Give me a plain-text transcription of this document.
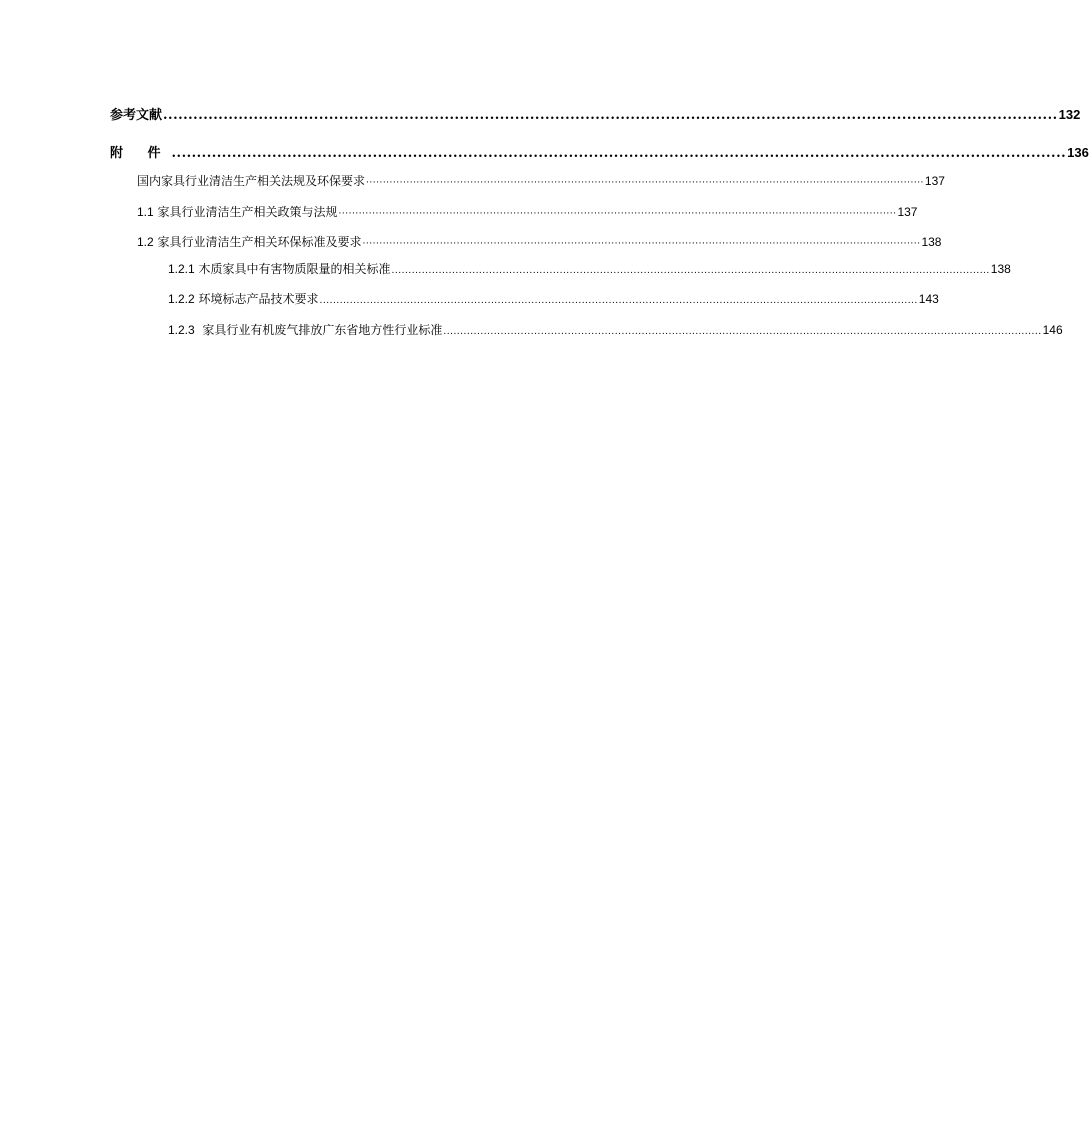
参考文献 .................................................................................................................................................................................. 132
附 件 .................................................................................................................................................................................. 136
国内家具行业清洁生产相关法规及环保要求 ······································································································································································ 137
1.1 家具行业清洁生产相关政策与法规 ······································································································································································ 137
1.2 家具行业清洁生产相关环保标准及要求 ······································································································································································ 138
1.2.1 木质家具中有害物质限量的相关标准 .................................................................................................................................................................................. 138
1.2.2 环境标志产品技术要求 .................................................................................................................................................................................. 143
1.2.3 家具行业有机废气排放广东省地方性行业标准 .................................................................................................................................................................................. 146
